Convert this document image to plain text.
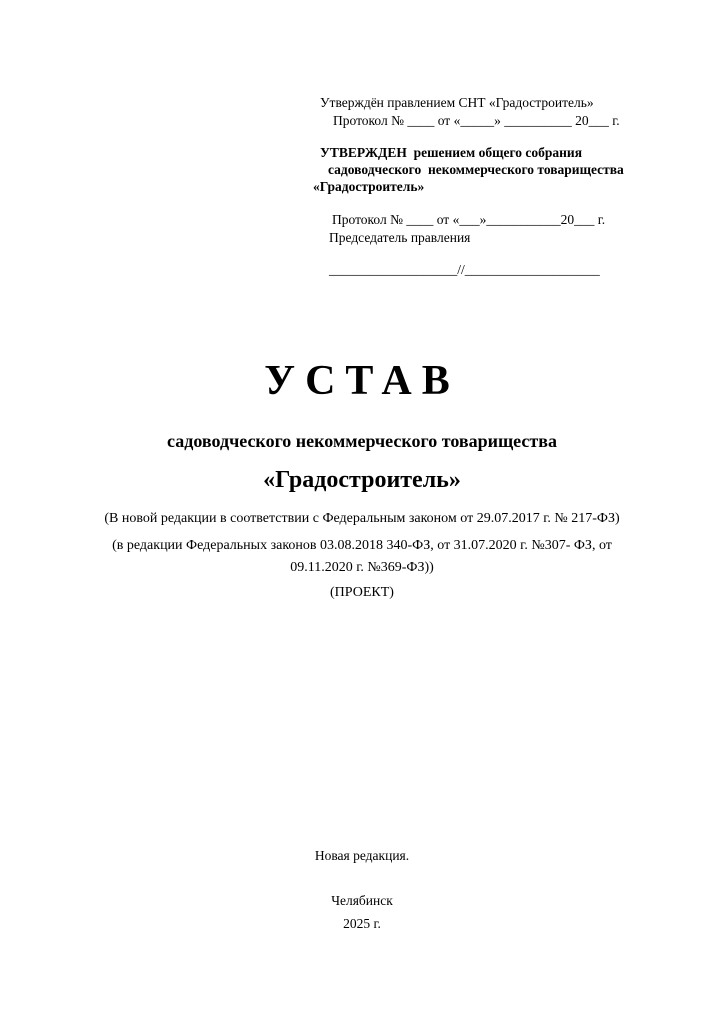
Утверждён правлением СНТ «Градостроитель»
Протокол № ____ от «_____» __________ 20___ г.
УТВЕРЖДЕН  решением общего собрания
садоводческого  некоммерческого товарищества
«Градостроитель»
Протокол № ____ от «___»___________20___ г.
Председатель правления
___________________//____________________
УСТАВ
садоводческого некоммерческого товарищества
«Градостроитель»
(В новой редакции в соответствии с Федеральным законом от 29.07.2017 г. № 217-ФЗ)
(в редакции Федеральных законов 03.08.2018 340-ФЗ, от 31.07.2020 г. №307- ФЗ, от
09.11.2020 г. №369-ФЗ))
(ПРОЕКТ)
Новая редакция.
Челябинск
2025 г.
